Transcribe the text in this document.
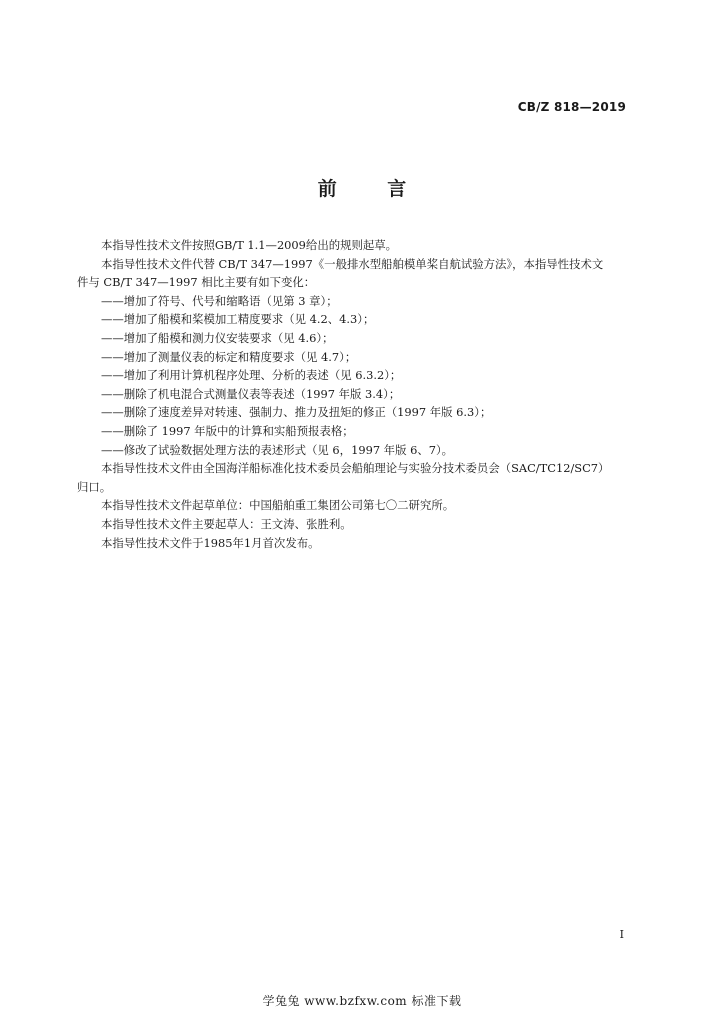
CB/Z 818—2019
前 言

本指导性技术文件按照GB/T 1.1—2009给出的规则起草。

本指导性技术文件代替 CB/T 347—1997《一般排水型船舶模单桨自航试验方法》，本指导性技术文

件与 CB/T 347—1997 相比主要有如下变化：

——增加了符号、代号和缩略语（见第 3 章）；

——增加了船模和桨模加工精度要求（见 4.2、4.3）；

——增加了船模和测力仪安装要求（见 4.6）；

——增加了测量仪表的标定和精度要求（见 4.7）；

——增加了利用计算机程序处理、分析的表述（见 6.3.2）；

——删除了机电混合式测量仪表等表述（1997 年版 3.4）；

——删除了速度差异对转速、强制力、推力及扭矩的修正（1997 年版 6.3）；

——删除了 1997 年版中的计算和实船预报表格；

——修改了试验数据处理方法的表述形式（见 6，1997 年版 6、7）。

本指导性技术文件由全国海洋船标准化技术委员会船舶理论与实验分技术委员会（SAC/TC12/SC7）

归口。

本指导性技术文件起草单位：中国船舶重工集团公司第七〇二研究所。

本指导性技术文件主要起草人：王文涛、张胜利。

本指导性技术文件于1985年1月首次发布。

I
学兔兔 www.bzfxw.com 标准下载
